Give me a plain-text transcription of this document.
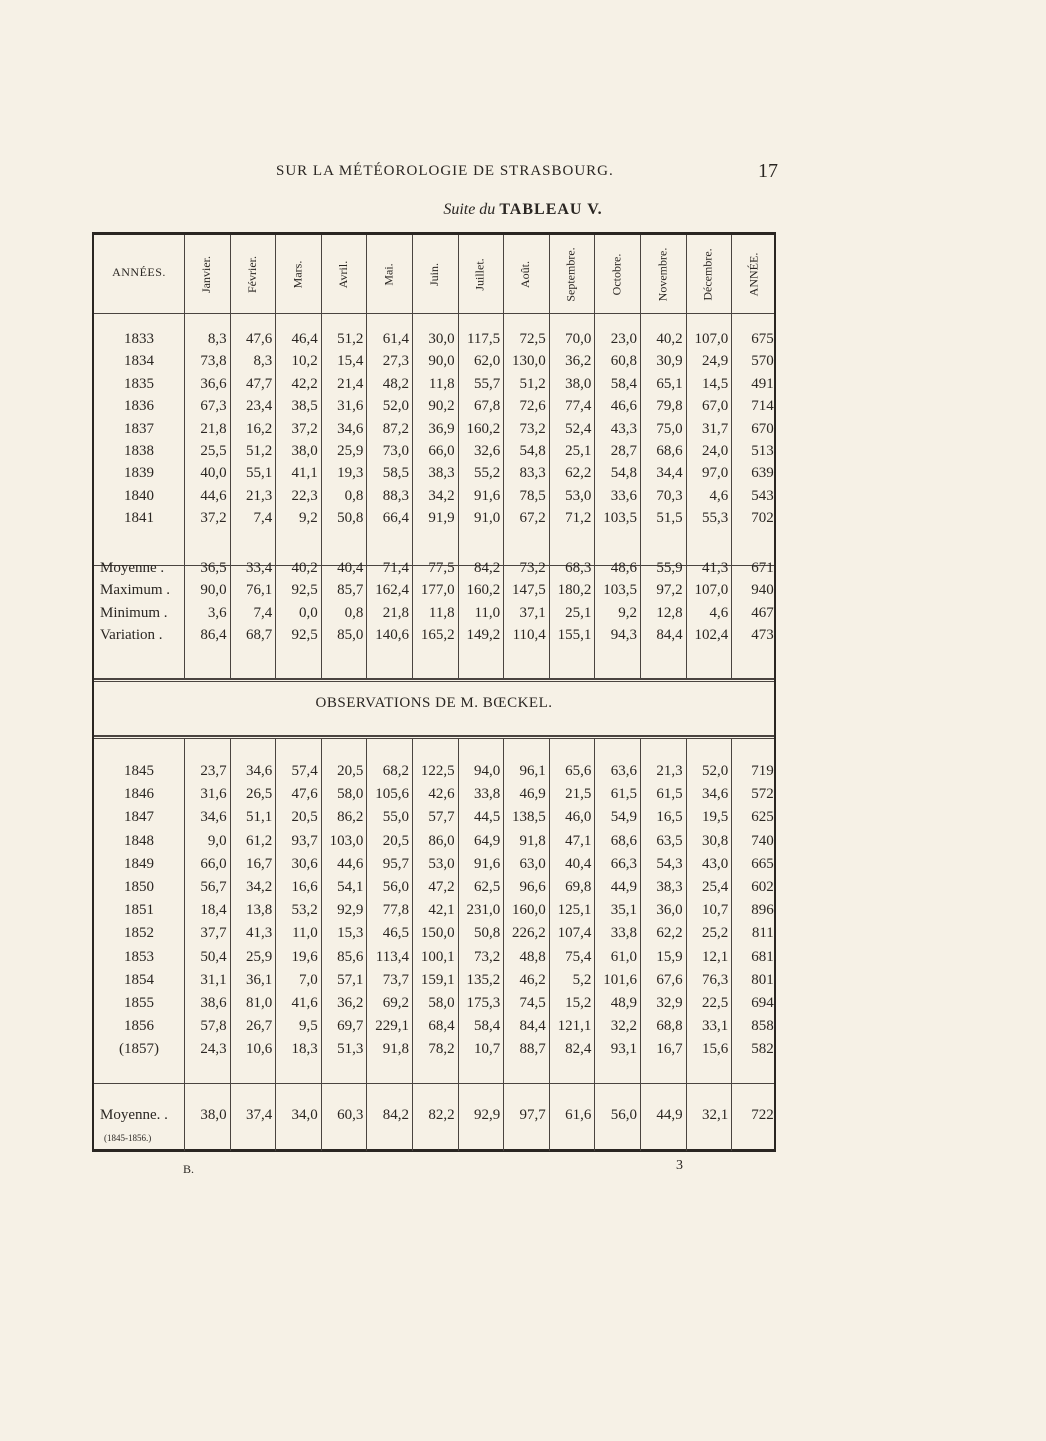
SUR LA MÉTÉOROLOGIE DE STRASBOURG.	17
Suite du TABLEAU V.
ANNÉES.
OBSERVATIONS DE M. BŒCKEL.
Moyenne. .
(1845-1856.)
Janvier.	Février.	Mars.	Avril.	Mai.	Juin.	Juillet.	Août.	Septembre.	Octobre.	Novembre.	Décembre.	ANNÉE.
1833	8,3	47,6	46,4	51,2	61,4	30,0 117,5	72,5	70,0	23,0	40,2 107,0	675
1834	73,8	8,3	10,2	15,4	27,3	90,0	62,0 130,0	36,2	60,8	30,9	24,9	570
1835	36,6	47,7	42,2	21,4	48,2	11,8	55,7	51,2	38,0	58,4	65,1	14,5	491
1836	67,3	23,4	38,5	31,6	52,0	90,2	67,8	72,6	77,4	46,6	79,8	67,0	714
1837	21,8	16,2	37,2	34,6	87,2	36,9 160,2	73,2	52,4	43,3	75,0	31,7	670
1838	25,5	51,2	38,0	25,9	73,0	66,0	32,6	54,8	25,1	28,7	68,6	24,0	513
1839	40,0	55,1	41,1	19,3	58,5	38,3	55,2	83,3	62,2	54,8	34,4	97,0	639
1840	44,6	21,3	22,3	0,8	88,3	34,2	91,6	78,5	53,0	33,6	70,3	4,6	543
1841	37,2	7,4	9,2	50,8	66,4	91,9	91,0	67,2	71,2 103,5	51,5	55,3	702
Moyenne .	36,5	33,4	40,2	40,4	71,4	77,5	84,2	73,2	68,3	48,6	55,9	41,3	671
Maximum .	90,0	76,1	92,5	85,7 162,4 177,0 160,2 147,5 180,2 103,5	97,2 107,0	940
Minimum .	3,6	7,4	0,0	0,8	21,8	11,8	11,0	37,1	25,1	9,2	12,8	4,6	467
Variation .	86,4	68,7	92,5	85,0 140,6 165,2 149,2 110,4 155,1	94,3	84,4 102,4	473
1845	23,7	34,6	57,4	20,5	68,2 122,5	94,0	96,1	65,6	63,6	21,3	52,0	719
1846	31,6	26,5	47,6	58,0 105,6	42,6	33,8	46,9	21,5	61,5	61,5	34,6	572
1847	34,6	51,1	20,5	86,2	55,0	57,7	44,5 138,5	46,0	54,9	16,5	19,5	625
1848	9,0	61,2	93,7 103,0	20,5	86,0	64,9	91,8	47,1	68,6	63,5	30,8	740
1849	66,0	16,7	30,6	44,6	95,7	53,0	91,6	63,0	40,4	66,3	54,3	43,0	665
1850	56,7	34,2	16,6	54,1	56,0	47,2	62,5	96,6	69,8	44,9	38,3	25,4	602
1851	18,4	13,8	53,2	92,9	77,8	42,1 231,0 160,0 125,1	35,1	36,0	10,7	896
1852	37,7	41,3	11,0	15,3	46,5 150,0	50,8 226,2 107,4	33,8	62,2	25,2	811
1853	50,4	25,9	19,6	85,6 113,4 100,1	73,2	48,8	75,4	61,0	15,9	12,1	681
1854	31,1	36,1	7,0	57,1	73,7 159,1 135,2	46,2	5,2 101,6	67,6	76,3	801
1855	38,6	81,0	41,6	36,2	69,2	58,0 175,3	74,5	15,2	48,9	32,9	22,5	694
1856	57,8	26,7	9,5	69,7 229,1	68,4	58,4	84,4 121,1	32,2	68,8	33,1	858
(1857)	24,3	10,6	18,3	51,3	91,8	78,2	10,7	88,7	82,4	93,1	16,7	15,6	582
38,0	37,4	34,0	60,3	84,2	82,2	92,9	97,7	61,6	56,0	44,9	32,1	722
B.	3
